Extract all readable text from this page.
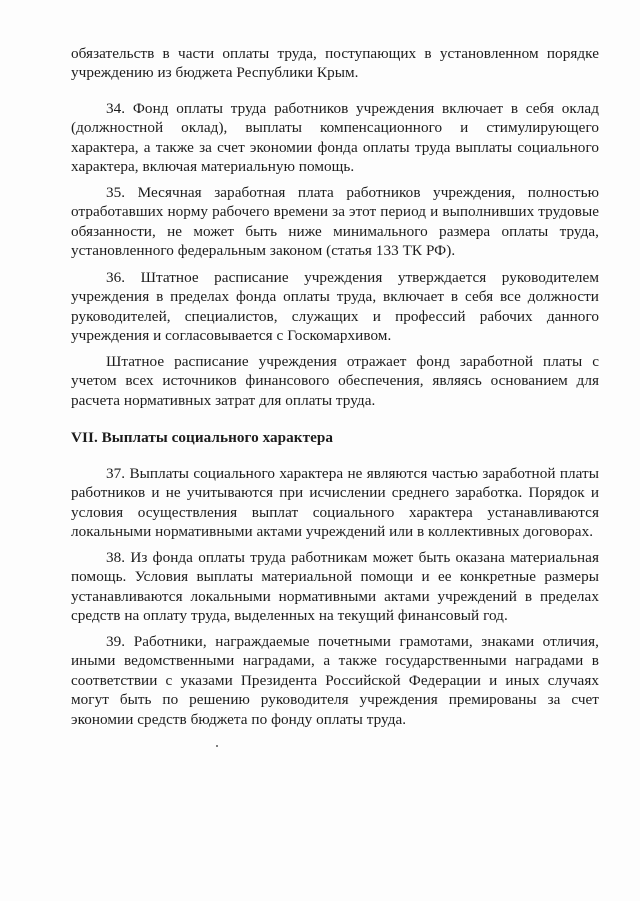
обязательств в части оплаты труда, поступающих в установленном порядке учреждению из бюджета Республики Крым.

34. Фонд оплаты труда работников учреждения включает в себя оклад (должностной оклад), выплаты компенсационного и стимулирующего характера, а также за счет экономии фонда оплаты труда выплаты социального характера, включая материальную помощь.

35. Месячная заработная плата работников учреждения, полностью отработавших норму рабочего времени за этот период и выполнивших трудовые обязанности, не может быть ниже минимального размера оплаты труда, установленного федеральным законом (статья 133 ТК РФ).

36. Штатное расписание учреждения утверждается руководителем учреждения в пределах фонда оплаты труда, включает в себя все должности руководителей, специалистов, служащих и профессий рабочих данного учреждения и согласовывается с Госкомархивом.

Штатное расписание учреждения отражает фонд заработной платы с учетом всех источников финансового обеспечения, являясь основанием для расчета нормативных затрат для оплаты труда.

VII. Выплаты социального характера

37. Выплаты социального характера не являются частью заработной платы работников и не учитываются при исчислении среднего заработка. Порядок и условия осуществления выплат социального характера устанавливаются локальными нормативными актами учреждений или в коллективных договорах.

38. Из фонда оплаты труда работникам может быть оказана материальная помощь. Условия выплаты материальной помощи и ее конкретные размеры устанавливаются локальными нормативными актами учреждений в пределах средств на оплату труда, выделенных на текущий финансовый год.

39. Работники, награждаемые почетными грамотами, знаками отличия, иными ведомственными наградами, а также государственными наградами в соответствии с указами Президента Российской Федерации и иных случаях могут быть по решению руководителя учреждения премированы за счет экономии средств бюджета по фонду оплаты труда.
